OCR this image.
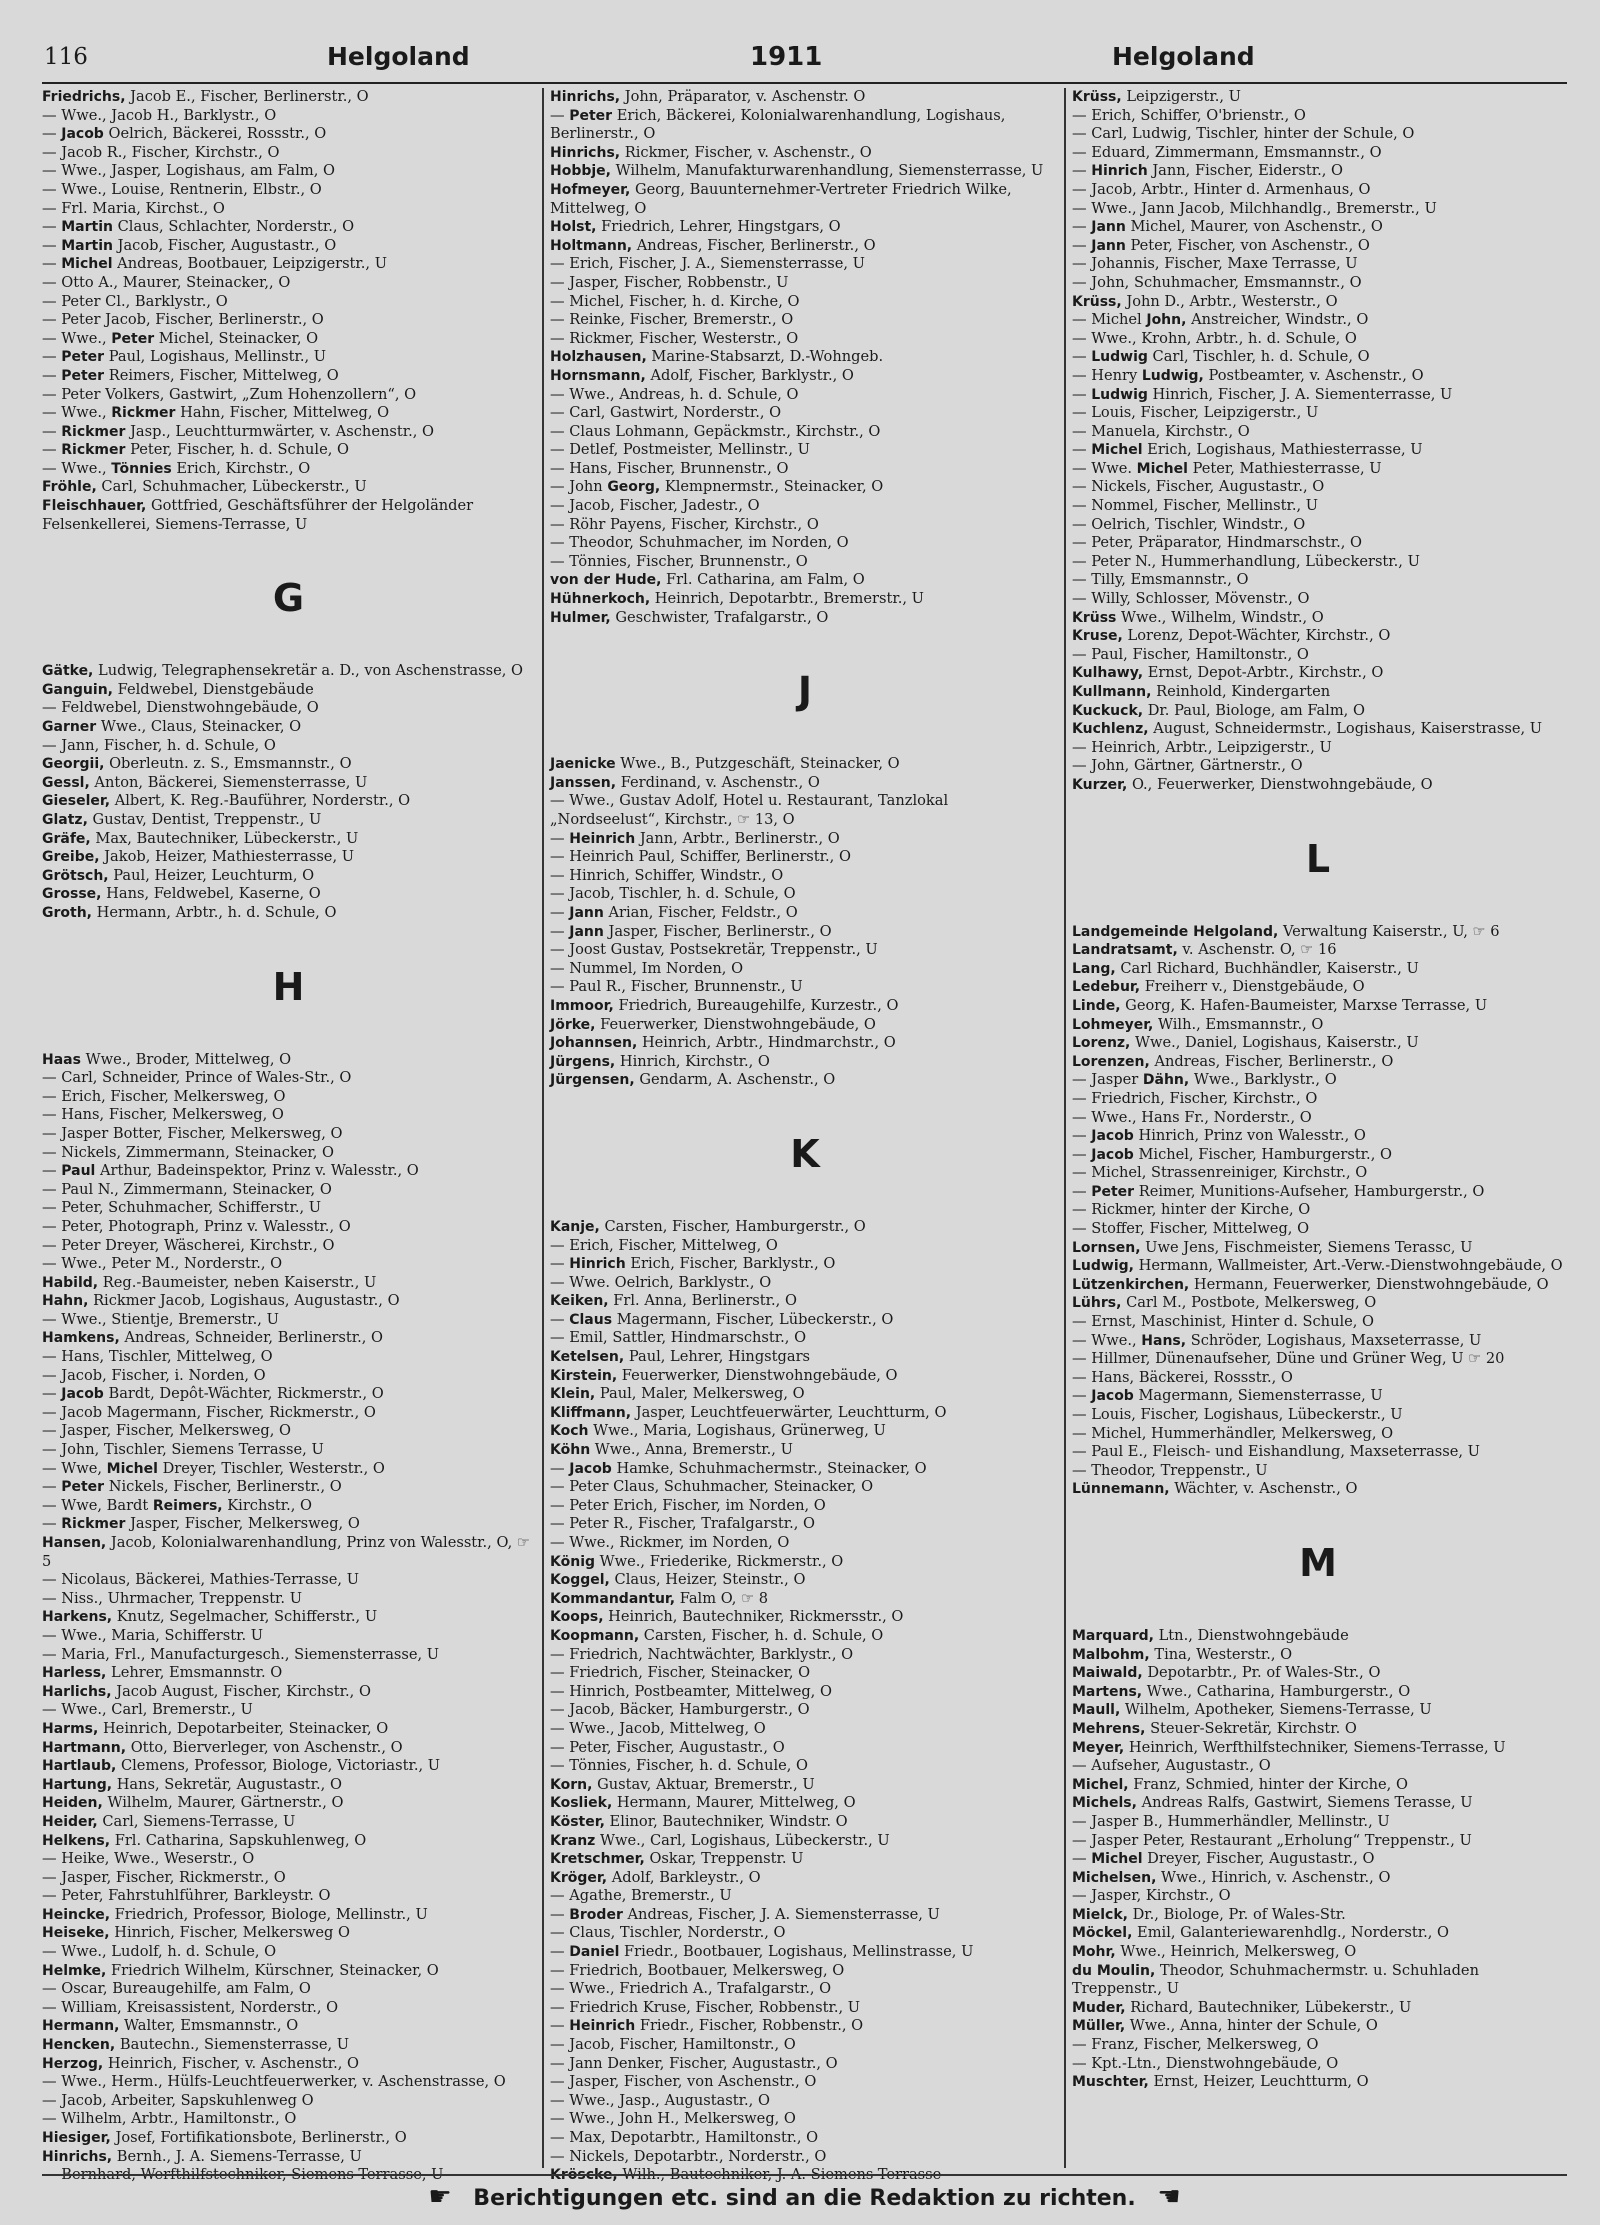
116	Helgoland	1911	Helgoland
Friedrichs, Jacob E., Fischer, Berlinerstr., O
— Wwe., Jacob H., Barklystr., O
— Jacob Oelrich, Bäckerei, Rossstr., O
— Jacob R., Fischer, Kirchstr., O
— Wwe., Jasper, Logishaus, am Falm, O
— Wwe., Louise, Rentnerin, Elbstr., O
— Frl. Maria, Kirchst., O
— Martin Claus, Schlachter, Norderstr., O
— Martin Jacob, Fischer, Augustastr., O
— Michel Andreas, Bootbauer, Leipzigerstr., U
— Otto A., Maurer, Steinacker,, O
— Peter Cl., Barklystr., O
— Peter Jacob, Fischer, Berlinerstr., O
— Wwe., Peter Michel, Steinacker, O
— Peter Paul, Logishaus, Mellinstr., U
— Peter Reimers, Fischer, Mittelweg, O
— Peter Volkers, Gastwirt, „Zum Hohenzollern“, O
— Wwe., Rickmer Hahn, Fischer, Mittelweg, O
— Rickmer Jasp., Leuchtturmwärter, v. Aschenstr., O
— Rickmer Peter, Fischer, h. d. Schule, O
— Wwe., Tönnies Erich, Kirchstr., O
Fröhle, Carl, Schuhmacher, Lübeckerstr., U
Fleischhauer, Gottfried, Geschäftsführer der Helgoländer Felsenkellerei, Siemens-Terrasse, U
G
Gätke, Ludwig, Telegraphensekretär a. D., von Aschenstrasse, O
Ganguin, Feldwebel, Dienstgebäude
— Feldwebel, Dienstwohngebäude, O
Garner Wwe., Claus, Steinacker, O
— Jann, Fischer, h. d. Schule, O
Georgii, Oberleutn. z. S., Emsmannstr., O
Gessl, Anton, Bäckerei, Siemensterrasse, U
Gieseler, Albert, K. Reg.-Bauführer, Norderstr., O
Glatz, Gustav, Dentist, Treppenstr., U
Gräfe, Max, Bautechniker, Lübeckerstr., U
Greibe, Jakob, Heizer, Mathiesterrasse, U
Grötsch, Paul, Heizer, Leuchturm, O
Grosse, Hans, Feldwebel, Kaserne, O
Groth, Hermann, Arbtr., h. d. Schule, O
H
Haas Wwe., Broder, Mittelweg, O
— Carl, Schneider, Prince of Wales-Str., O
— Erich, Fischer, Melkersweg, O
— Hans, Fischer, Melkersweg, O
— Jasper Botter, Fischer, Melkersweg, O
— Nickels, Zimmermann, Steinacker, O
— Paul Arthur, Badeinspektor, Prinz v. Walesstr., O
— Paul N., Zimmermann, Steinacker, O
— Peter, Schuhmacher, Schifferstr., U
— Peter, Photograph, Prinz v. Walesstr., O
— Peter Dreyer, Wäscherei, Kirchstr., O
— Wwe., Peter M., Norderstr., O
Habild, Reg.-Baumeister, neben Kaiserstr., U
Hahn, Rickmer Jacob, Logishaus, Augustastr., O
— Wwe., Stientje, Bremerstr., U
Hamkens, Andreas, Schneider, Berlinerstr., O
— Hans, Tischler, Mittelweg, O
— Jacob, Fischer, i. Norden, O
— Jacob Bardt, Depôt-Wächter, Rickmerstr., O
— Jacob Magermann, Fischer, Rickmerstr., O
— Jasper, Fischer, Melkersweg, O
— John, Tischler, Siemens Terrasse, U
— Wwe, Michel Dreyer, Tischler, Westerstr., O
— Peter Nickels, Fischer, Berlinerstr., O
— Wwe, Bardt Reimers, Kirchstr., O
— Rickmer Jasper, Fischer, Melkersweg, O
Hansen, Jacob, Kolonialwarenhandlung, Prinz von Walesstr., O, ☞ 5
— Nicolaus, Bäckerei, Mathies-Terrasse, U
— Niss., Uhrmacher, Treppenstr. U
Harkens, Knutz, Segelmacher, Schifferstr., U
— Wwe., Maria, Schifferstr. U
— Maria, Frl., Manufacturgesch., Siemensterrasse, U
Harless, Lehrer, Emsmannstr. O
Harlichs, Jacob August, Fischer, Kirchstr., O
— Wwe., Carl, Bremerstr., U
Harms, Heinrich, Depotarbeiter, Steinacker, O
Hartmann, Otto, Bierverleger, von Aschenstr., O
Hartlaub, Clemens, Professor, Biologe, Victoriastr., U
Hartung, Hans, Sekretär, Augustastr., O
Heiden, Wilhelm, Maurer, Gärtnerstr., O
Heider, Carl, Siemens-Terrasse, U
Helkens, Frl. Catharina, Sapskuhlenweg, O
— Heike, Wwe., Weserstr., O
— Jasper, Fischer, Rickmerstr., O
— Peter, Fahrstuhlführer, Barkleystr. O
Heincke, Friedrich, Professor, Biologe, Mellinstr., U
Heiseke, Hinrich, Fischer, Melkersweg O
— Wwe., Ludolf, h. d. Schule, O
Helmke, Friedrich Wilhelm, Kürschner, Steinacker, O
— Oscar, Bureaugehilfe, am Falm, O
— William, Kreisassistent, Norderstr., O
Hermann, Walter, Emsmannstr., O
Hencken, Bautechn., Siemensterrasse, U
Herzog, Heinrich, Fischer, v. Aschenstr., O
— Wwe., Herm., Hülfs-Leuchtfeuerwerker, v. Aschenstrasse, O
— Jacob, Arbeiter, Sapskuhlenweg O
— Wilhelm, Arbtr., Hamiltonstr., O
Hiesiger, Josef, Fortifikationsbote, Berlinerstr., O
Hinrichs, Bernh., J. A. Siemens-Terrasse, U
— Bernhard, Werfthilfstechniker, Siemens-Terrasse, U
Hinrichs, John, Präparator, v. Aschenstr. O
— Peter Erich, Bäckerei, Kolonialwarenhandlung, Logishaus, Berlinerstr., O
Hinrichs, Rickmer, Fischer, v. Aschenstr., O
Hobbje, Wilhelm, Manufakturwarenhandlung, Siemensterrasse, U
Hofmeyer, Georg, Bauunternehmer-Vertreter Friedrich Wilke, Mittelweg, O
Holst, Friedrich, Lehrer, Hingstgars, O
Holtmann, Andreas, Fischer, Berlinerstr., O
— Erich, Fischer, J. A., Siemensterrasse, U
— Jasper, Fischer, Robbenstr., U
— Michel, Fischer, h. d. Kirche, O
— Reinke, Fischer, Bremerstr., O
— Rickmer, Fischer, Westerstr., O
Holzhausen, Marine-Stabsarzt, D.-Wohngeb.
Hornsmann, Adolf, Fischer, Barklystr., O
— Wwe., Andreas, h. d. Schule, O
— Carl, Gastwirt, Norderstr., O
— Claus Lohmann, Gepäckmstr., Kirchstr., O
— Detlef, Postmeister, Mellinstr., U
— Hans, Fischer, Brunnenstr., O
— John Georg, Klempnermstr., Steinacker, O
— Jacob, Fischer, Jadestr., O
— Röhr Payens, Fischer, Kirchstr., O
— Theodor, Schuhmacher, im Norden, O
— Tönnies, Fischer, Brunnenstr., O
von der Hude, Frl. Catharina, am Falm, O
Hühnerkoch, Heinrich, Depotarbtr., Bremerstr., U
Hulmer, Geschwister, Trafalgarstr., O
J
Jaenicke Wwe., B., Putzgeschäft, Steinacker, O
Janssen, Ferdinand, v. Aschenstr., O
— Wwe., Gustav Adolf, Hotel u. Restaurant, Tanzlokal „Nordseelust“, Kirchstr., ☞ 13, O
— Heinrich Jann, Arbtr., Berlinerstr., O
— Heinrich Paul, Schiffer, Berlinerstr., O
— Hinrich, Schiffer, Windstr., O
— Jacob, Tischler, h. d. Schule, O
— Jann Arian, Fischer, Feldstr., O
— Jann Jasper, Fischer, Berlinerstr., O
— Joost Gustav, Postsekretär, Treppenstr., U
— Nummel, Im Norden, O
— Paul R., Fischer, Brunnenstr., U
Immoor, Friedrich, Bureaugehilfe, Kurzestr., O
Jörke, Feuerwerker, Dienstwohngebäude, O
Johannsen, Heinrich, Arbtr., Hindmarchstr., O
Jürgens, Hinrich, Kirchstr., O
Jürgensen, Gendarm, A. Aschenstr., O
K
Kanje, Carsten, Fischer, Hamburgerstr., O
— Erich, Fischer, Mittelweg, O
— Hinrich Erich, Fischer, Barklystr., O
— Wwe. Oelrich, Barklystr., O
Keiken, Frl. Anna, Berlinerstr., O
— Claus Magermann, Fischer, Lübeckerstr., O
— Emil, Sattler, Hindmarschstr., O
Ketelsen, Paul, Lehrer, Hingstgars
Kirstein, Feuerwerker, Dienstwohngebäude, O
Klein, Paul, Maler, Melkersweg, O
Kliffmann, Jasper, Leuchtfeuerwärter, Leuchtturm, O
Koch Wwe., Maria, Logishaus, Grünerweg, U
Köhn Wwe., Anna, Bremerstr., U
— Jacob Hamke, Schuhmachermstr., Steinacker, O
— Peter Claus, Schuhmacher, Steinacker, O
— Peter Erich, Fischer, im Norden, O
— Peter R., Fischer, Trafalgarstr., O
— Wwe., Rickmer, im Norden, O
König Wwe., Friederike, Rickmerstr., O
Koggel, Claus, Heizer, Steinstr., O
Kommandantur, Falm O, ☞ 8
Koops, Heinrich, Bautechniker, Rickmersstr., O
Koopmann, Carsten, Fischer, h. d. Schule, O
— Friedrich, Nachtwächter, Barklystr., O
— Friedrich, Fischer, Steinacker, O
— Hinrich, Postbeamter, Mittelweg, O
— Jacob, Bäcker, Hamburgerstr., O
— Wwe., Jacob, Mittelweg, O
— Peter, Fischer, Augustastr., O
— Tönnies, Fischer, h. d. Schule, O
Korn, Gustav, Aktuar, Bremerstr., U
Kosliek, Hermann, Maurer, Mittelweg, O
Köster, Elinor, Bautechniker, Windstr. O
Kranz Wwe., Carl, Logishaus, Lübeckerstr., U
Kretschmer, Oskar, Treppenstr. U
Kröger, Adolf, Barkleystr., O
— Agathe, Bremerstr., U
— Broder Andreas, Fischer, J. A. Siemensterrasse, U
— Claus, Tischler, Norderstr., O
— Daniel Friedr., Bootbauer, Logishaus, Mellinstrasse, U
— Friedrich, Bootbauer, Melkersweg, O
— Wwe., Friedrich A., Trafalgarstr., O
— Friedrich Kruse, Fischer, Robbenstr., U
— Heinrich Friedr., Fischer, Robbenstr., O
— Jacob, Fischer, Hamiltonstr., O
— Jann Denker, Fischer, Augustastr., O
— Jasper, Fischer, von Aschenstr., O
— Wwe., Jasp., Augustastr., O
— Wwe., John H., Melkersweg, O
— Max, Depotarbtr., Hamiltonstr., O
— Nickels, Depotarbtr., Norderstr., O
Kröscke, Wilh., Bautechniker, J. A. Siemens-Terrasse
Krüss, Leipzigerstr., U
— Erich, Schiffer, O'brienstr., O
— Carl, Ludwig, Tischler, hinter der Schule, O
— Eduard, Zimmermann, Emsmannstr., O
— Hinrich Jann, Fischer, Eiderstr., O
— Jacob, Arbtr., Hinter d. Armenhaus, O
— Wwe., Jann Jacob, Milchhandlg., Bremerstr., U
— Jann Michel, Maurer, von Aschenstr., O
— Jann Peter, Fischer, von Aschenstr., O
— Johannis, Fischer, Maxe Terrasse, U
— John, Schuhmacher, Emsmannstr., O
Krüss, John D., Arbtr., Westerstr., O
— Michel John, Anstreicher, Windstr., O
— Wwe., Krohn, Arbtr., h. d. Schule, O
— Ludwig Carl, Tischler, h. d. Schule, O
— Henry Ludwig, Postbeamter, v. Aschenstr., O
— Ludwig Hinrich, Fischer, J. A. Siementerrasse, U
— Louis, Fischer, Leipzigerstr., U
— Manuela, Kirchstr., O
— Michel Erich, Logishaus, Mathiesterrasse, U
— Wwe. Michel Peter, Mathiesterrasse, U
— Nickels, Fischer, Augustastr., O
— Nommel, Fischer, Mellinstr., U
— Oelrich, Tischler, Windstr., O
— Peter, Präparator, Hindmarschstr., O
— Peter N., Hummerhandlung, Lübeckerstr., U
— Tilly, Emsmannstr., O
— Willy, Schlosser, Mövenstr., O
Krüss Wwe., Wilhelm, Windstr., O
Kruse, Lorenz, Depot-Wächter, Kirchstr., O
— Paul, Fischer, Hamiltonstr., O
Kulhawy, Ernst, Depot-Arbtr., Kirchstr., O
Kullmann, Reinhold, Kindergarten
Kuckuck, Dr. Paul, Biologe, am Falm, O
Kuchlenz, August, Schneidermstr., Logishaus, Kaiserstrasse, U
— Heinrich, Arbtr., Leipzigerstr., U
— John, Gärtner, Gärtnerstr., O
Kurzer, O., Feuerwerker, Dienstwohngebäude, O
L
Landgemeinde Helgoland, Verwaltung Kaiserstr., U, ☞ 6
Landratsamt, v. Aschenstr. O, ☞ 16
Lang, Carl Richard, Buchhändler, Kaiserstr., U
Ledebur, Freiherr v., Dienstgebäude, O
Linde, Georg, K. Hafen-Baumeister, Marxse Terrasse, U
Lohmeyer, Wilh., Emsmannstr., O
Lorenz, Wwe., Daniel, Logishaus, Kaiserstr., U
Lorenzen, Andreas, Fischer, Berlinerstr., O
— Jasper Dähn, Wwe., Barklystr., O
— Friedrich, Fischer, Kirchstr., O
— Wwe., Hans Fr., Norderstr., O
— Jacob Hinrich, Prinz von Walesstr., O
— Jacob Michel, Fischer, Hamburgerstr., O
— Michel, Strassenreiniger, Kirchstr., O
— Peter Reimer, Munitions-Aufseher, Hamburgerstr., O
— Rickmer, hinter der Kirche, O
— Stoffer, Fischer, Mittelweg, O
Lornsen, Uwe Jens, Fischmeister, Siemens Terassc, U
Ludwig, Hermann, Wallmeister, Art.-Verw.-Dienstwohngebäude, O
Lützenkirchen, Hermann, Feuerwerker, Dienstwohngebäude, O
Lührs, Carl M., Postbote, Melkersweg, O
— Ernst, Maschinist, Hinter d. Schule, O
— Wwe., Hans, Schröder, Logishaus, Maxseterrasse, U
— Hillmer, Dünenaufseher, Düne und Grüner Weg, U ☞ 20
— Hans, Bäckerei, Rossstr., O
— Jacob Magermann, Siemensterrasse, U
— Louis, Fischer, Logishaus, Lübeckerstr., U
— Michel, Hummerhändler, Melkersweg, O
— Paul E., Fleisch- und Eishandlung, Maxseterrasse, U
— Theodor, Treppenstr., U
Lünnemann, Wächter, v. Aschenstr., O
M
Marquard, Ltn., Dienstwohngebäude
Malbohm, Tina, Westerstr., O
Maiwald, Depotarbtr., Pr. of Wales-Str., O
Martens, Wwe., Catharina, Hamburgerstr., O
Maull, Wilhelm, Apotheker, Siemens-Terrasse, U
Mehrens, Steuer-Sekretär, Kirchstr. O
Meyer, Heinrich, Werfthilfstechniker, Siemens-Terrasse, U
— Aufseher, Augustastr., O
Michel, Franz, Schmied, hinter der Kirche, O
Michels, Andreas Ralfs, Gastwirt, Siemens Terasse, U
— Jasper B., Hummerhändler, Mellinstr., U
— Jasper Peter, Restaurant „Erholung“ Treppenstr., U
— Michel Dreyer, Fischer, Augustastr., O
Michelsen, Wwe., Hinrich, v. Aschenstr., O
— Jasper, Kirchstr., O
Mielck, Dr., Biologe, Pr. of Wales-Str.
Möckel, Emil, Galanteriewarenhdlg., Norderstr., O
Mohr, Wwe., Heinrich, Melkersweg, O
du Moulin, Theodor, Schuhmachermstr. u. Schuhladen Treppenstr., U
Muder, Richard, Bautechniker, Lübekerstr., U
Müller, Wwe., Anna, hinter der Schule, O
— Franz, Fischer, Melkersweg, O
— Kpt.-Ltn., Dienstwohngebäude, O
Muschter, Ernst, Heizer, Leuchtturm, O
☛ Berichtigungen etc. sind an die Redaktion zu richten. ☚
